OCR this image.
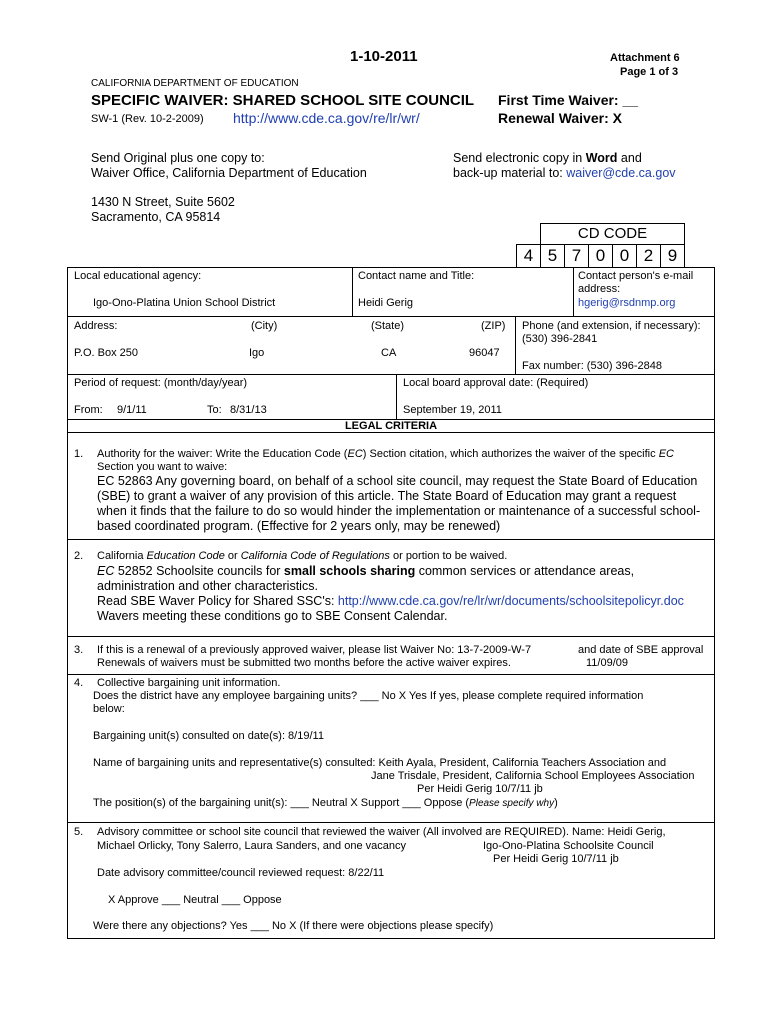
1-10-2011	Attachment 6
Page 1 of 3
CALIFORNIA DEPARTMENT OF EDUCATION
SPECIFIC WAIVER: SHARED SCHOOL SITE COUNCIL
SW-1 (Rev. 10-2-2009) http://www.cde.ca.gov/re/lr/wr/
First Time Waiver: __
Renewal Waiver: X
Send Original plus one copy to:
Waiver Office, California Department of Education
Send electronic copy in Word and
back-up material to: waiver@cde.ca.gov
1430 N Street, Suite 5602
Sacramento, CA 95814
CD CODE
4 5 7 0 0 2 9
Local educational agency:
Igo-Ono-Platina Union School District
Contact name and Title:
Heidi Gerig
Contact person's e-mail
address:
hgerig@rsdnmp.org
Address:	(City)	(State)	(ZIP)
P.O. Box 250	Igo	CA	96047
Phone (and extension, if necessary):
(530) 396-2841
Fax number: (530) 396-2848
Period of request: (month/day/year)
From: 9/1/11	To: 8/31/13
Local board approval date: (Required)
September 19, 2011
LEGAL CRITERIA
1. Authority for the waiver: Write the Education Code (EC) Section citation, which authorizes the waiver of the specific EC
Section you want to waive:
EC 52863 Any governing board, on behalf of a school site council, may request the State Board of Education
(SBE) to grant a waiver of any provision of this article. The State Board of Education may grant a request
when it finds that the failure to do so would hinder the implementation or maintenance of a successful school-
based coordinated program. (Effective for 2 years only, may be renewed)
2. California Education Code or California Code of Regulations or portion to be waived.
EC 52852 Schoolsite councils for small schools sharing common services or attendance areas,
administration and other characteristics.
Read SBE Waver Policy for Shared SSC's: http://www.cde.ca.gov/re/lr/wr/documents/schoolsitepolicyr.doc
Wavers meeting these conditions go to SBE Consent Calendar.
3. If this is a renewal of a previously approved waiver, please list Waiver No: 13-7-2009-W-7	and date of SBE approval
Renewals of waivers must be submitted two months before the active waiver expires.	11/09/09
4. Collective bargaining unit information.
Does the district have any employee bargaining units? ___ No X Yes If yes, please complete required information
below:
Bargaining unit(s) consulted on date(s): 8/19/11
Name of bargaining units and representative(s) consulted: Keith Ayala, President, California Teachers Association and
Jane Trisdale, President, California School Employees Association
Per Heidi Gerig 10/7/11 jb
The position(s) of the bargaining unit(s): ___ Neutral X Support ___ Oppose (Please specify why)
5. Advisory committee or school site council that reviewed the waiver (All involved are REQUIRED). Name: Heidi Gerig,
Michael Orlicky, Tony Salerro, Laura Sanders, and one vacancy	Igo-Ono-Platina Schoolsite Council
Per Heidi Gerig 10/7/11 jb
Date advisory committee/council reviewed request: 8/22/11
X Approve ___ Neutral ___ Oppose
Were there any objections? Yes ___ No X (If there were objections please specify)
